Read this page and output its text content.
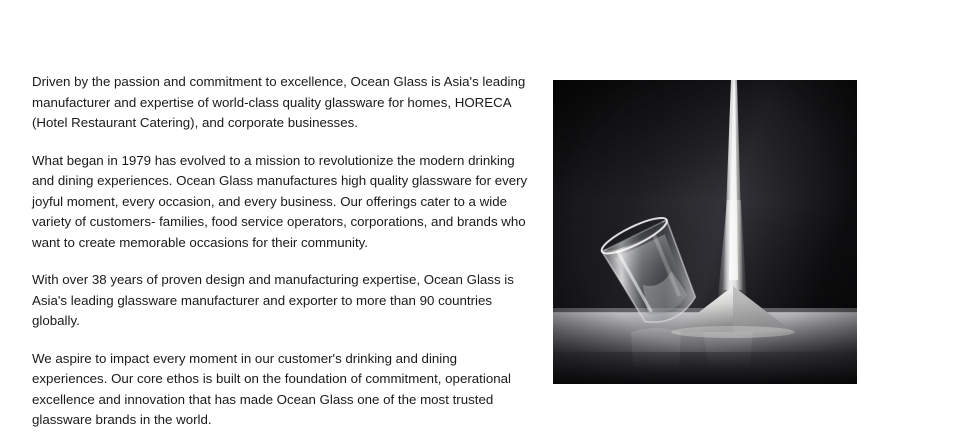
Driven by the passion and commitment to excellence, Ocean Glass is Asia's leading manufacturer and expertise of world-class quality glassware for homes, HORECA (Hotel Restaurant Catering), and corporate businesses.

What began in 1979 has evolved to a mission to revolutionize the modern drinking and dining experiences. Ocean Glass manufactures high quality glassware for every joyful moment, every occasion, and every business. Our offerings cater to a wide variety of customers- families, food service operators, corporations, and brands who want to create memorable occasions for their community.

With over 38 years of proven design and manufacturing expertise, Ocean Glass is Asia's leading glassware manufacturer and exporter to more than 90 countries globally.

We aspire to impact every moment in our customer's drinking and dining experiences. Our core ethos is built on the foundation of commitment, operational excellence and innovation that has made Ocean Glass one of the most trusted glassware brands in the world.
